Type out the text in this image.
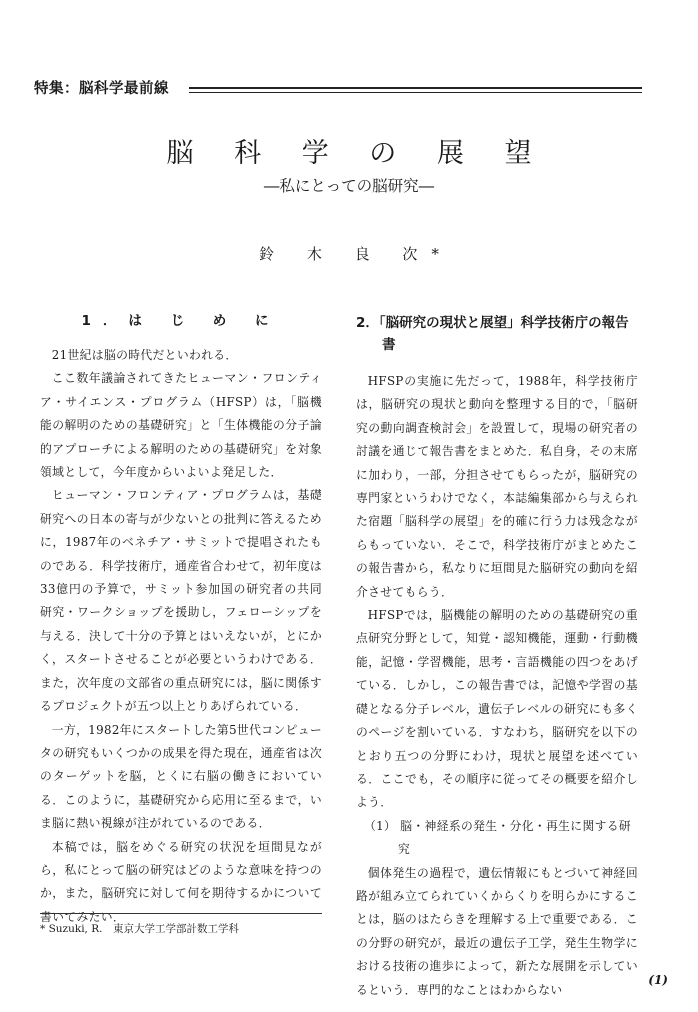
特集：脳科学最前線
脳 科 学 の 展 望
―私にとっての脳研究―
鈴 木 良 次*
1．は じ め に

21世紀は脳の時代だといわれる．

ここ数年議論されてきたヒューマン・フロンティア・サイエンス・プログラム（HFSP）は，「脳機能の解明のための基礎研究」と「生体機能の分子論的アプローチによる解明のための基礎研究」を対象領域として，今年度からいよいよ発足した．

ヒューマン・フロンティア・プログラムは，基礎研究への日本の寄与が少ないとの批判に答えるために，1987年のベネチア・サミットで提唱されたものである．科学技術庁，通産省合わせて，初年度は33億円の予算で，サミット参加国の研究者の共同研究・ワークショップを援助し，フェローシップを与える．決して十分の予算とはいえないが，とにかく，スタートさせることが必要というわけである．また，次年度の文部省の重点研究には，脳に関係するプロジェクトが五つ以上とりあげられている．

一方，1982年にスタートした第5世代コンピュータの研究もいくつかの成果を得た現在，通産省は次のターゲットを脳，とくに右脳の働きにおいている．このように，基礎研究から応用に至るまで，いま脳に熱い視線が注がれているのである．

本稿では，脳をめぐる研究の状況を垣間見ながら，私にとって脳の研究はどのような意味を持つのか，また，脳研究に対して何を期待するかについて書いてみたい．

2．「脳研究の現状と展望」科学技術庁の報告書

HFSPの実施に先だって，1988年，科学技術庁は，脳研究の現状と動向を整理する目的で，「脳研究の動向調査検討会」を設置して，現場の研究者の討議を通じて報告書をまとめた．私自身，その末席に加わり，一部，分担させてもらったが，脳研究の専門家というわけでなく，本誌編集部から与えられた宿題「脳科学の展望」を的確に行う力は残念ながらもっていない．そこで，科学技術庁がまとめたこの報告書から，私なりに垣間見た脳研究の動向を紹介させてもらう．

HFSPでは，脳機能の解明のための基礎研究の重点研究分野として，知覚・認知機能，運動・行動機能，記憶・学習機能，思考・言語機能の四つをあげている．しかし，この報告書では，記憶や学習の基礎となる分子レベル，遺伝子レベルの研究にも多くのページを割いている．すなわち，脳研究を以下のとおり五つの分野にわけ，現状と展望を述べている．ここでも，その順序に従ってその概要を紹介しよう．

（1） 脳・神経系の発生・分化・再生に関する研究

個体発生の過程で，遺伝情報にもとづいて神経回路が組み立てられていくからくりを明らかにすることは，脳のはたらきを理解する上で重要である．この分野の研究が，最近の遺伝子工学，発生生物学における技術の進歩によって，新たな展開を示しているという．専門的なことはわからない

* Suzuki, R.　東京大学工学部計数工学科
(1)
